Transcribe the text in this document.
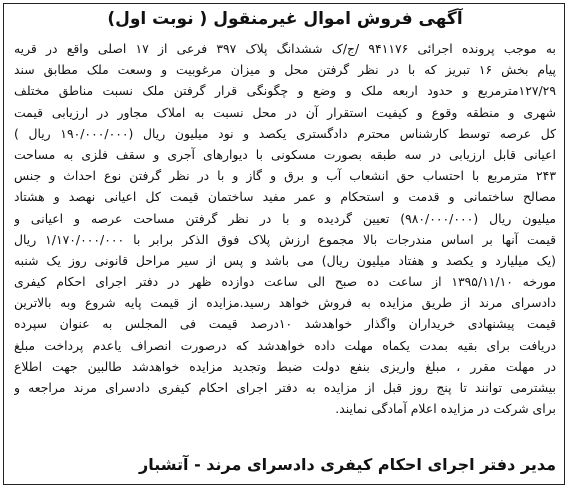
آگهی فروش اموال غیرمنقول ( نوبت اول)
به موجب پرونده اجرائی ۹۴۱۱۷۶ /ج/ک ششدانگ پلاک ۳۹۷ فرعی از ۱۷ اصلی واقع در قریه
پیام بخش ۱۶ تبریز که با در نظر گرفتن محل و میزان مرغوبیت و وسعت ملک مطابق سند
۱۲۷/۲۹مترمربع و حدود اربعه ملک و وضع و چگونگی قرار گرفتن ملک نسبت مناطق مختلف
شهری و منطقه وقوع و کیفیت استقرار آن در محل نسبت به املاک مجاور در ارزیابی قیمت
کل عرصه توسط کارشناس محترم دادگستری یکصد و نود میلیون ریال (۱۹۰/۰۰۰/۰۰۰ ریال )
اعیانی قابل ارزیابی در سه طبقه بصورت مسکونی با دیوارهای آجری و سقف فلزی به مساحت
۲۴۳ مترمربع با احتساب حق انشعاب آب و برق و گاز و با در نظر گرفتن نوع احداث و جنس
مصالح ساختمانی و قدمت و استحکام و عمر مفید ساختمان قیمت کل اعیانی نهصد و هشتاد
میلیون ریال (۹۸۰/۰۰۰/۰۰۰) تعیین گردیده و با در نظر گرفتن مساحت عرصه و اعیانی و
قیمت آنها بر اساس مندرجات بالا مجموع ارزش پلاک فوق الذکر برابر با ۱/۱۷۰/۰۰۰/۰۰۰ ریال
(یک میلیارد و یکصد و هفتاد میلیون ریال) می باشد و پس از سیر مراحل قانونی روز یک شنبه
مورخه ۱۳۹۵/۱۱/۱۰ از ساعت ده صبح الی ساعت دوازده ظهر در دفتر اجرای احکام کیفری
دادسرای مرند از طریق مزایده به فروش خواهد رسید.مزایده از قیمت پایه شروع وبه بالاترین
قیمت پیشنهادی خریداران واگذار خواهدشد ۱۰درصد قیمت فی المجلس به عنوان سپرده
دریافت برای بقیه بمدت یکماه مهلت داده خواهدشد که درصورت انصراف یاعدم پرداخت مبلغ
در مهلت مقرر ، مبلغ واریزی بنفع دولت ضبط وتجدید مزایده خواهدشد طالبین جهت اطلاع
بیشترمی توانند تا پنج روز قبل از مزایده به دفتر اجرای احکام کیفری دادسرای مرند مراجعه و
برای شرکت در مزایده اعلام آمادگی نمایند.
مدیر دفتر اجرای احکام کیفری دادسرای مرند - آتشبار
